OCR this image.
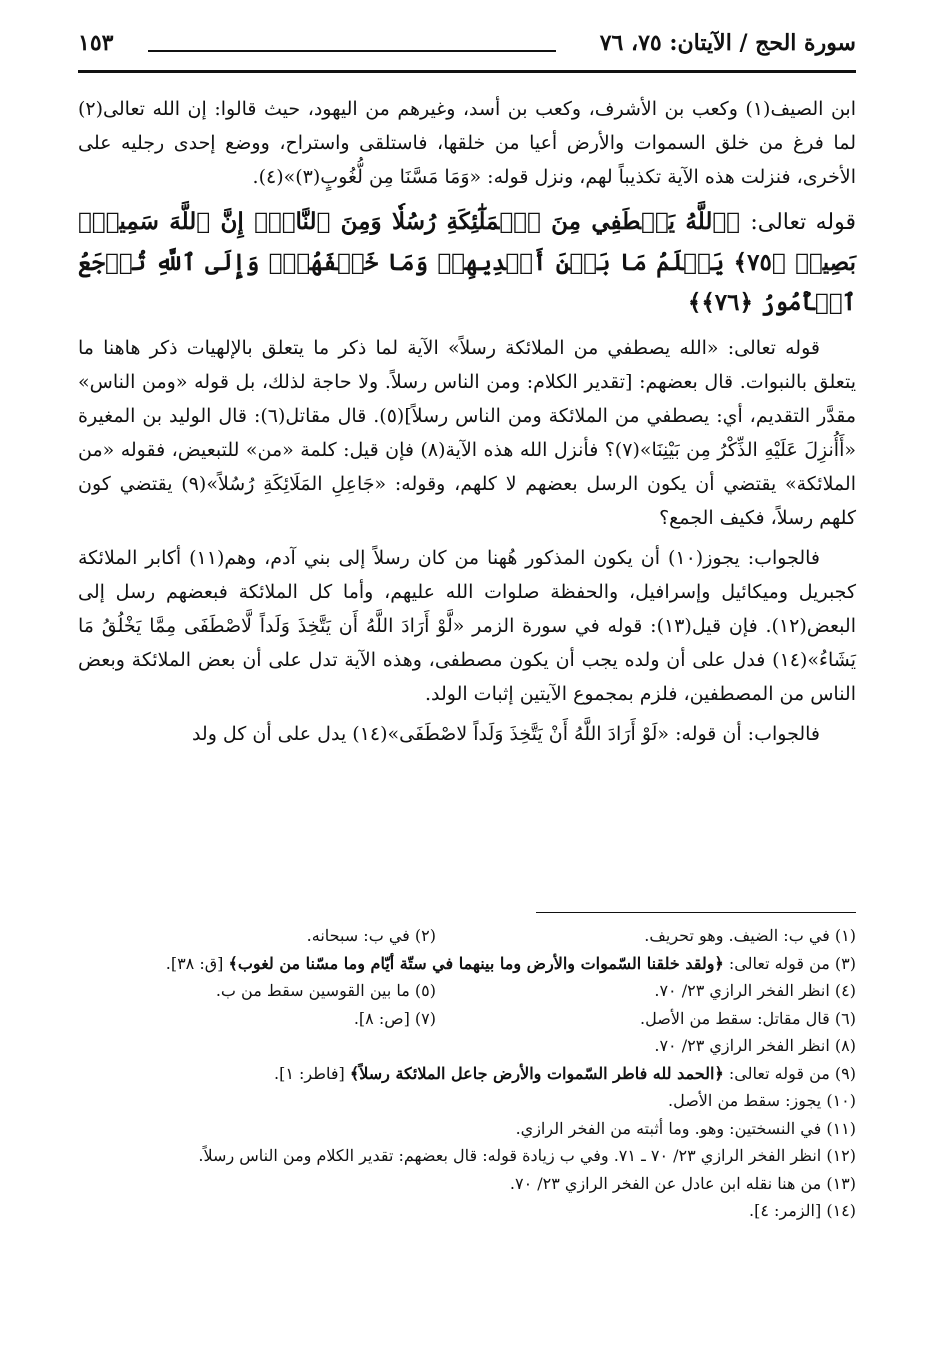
سورة الحج / الآيتان: ٧٥، ٧٦
١٥٣

ابن الصيف(١) وكعب بن الأشرف، وكعب بن أسد، وغيرهم من اليهود، حيث قالوا: إن الله تعالى(٢) لما فرغ من خلق السموات والأرض أعيا من خلقها، فاستلقى واستراح، ووضع إحدى رجليه على الأخرى، فنزلت هذه الآية تكذيباً لهم، ونزل قوله: «وَمَا مَسَّنَا مِن لُّغُوبٍ(٣)»(٤).

قوله تعالى: ﴿ٱللَّهُ يَصۡطَفِي مِنَ ٱلۡمَلَٰٓئِكَةِ رُسُلٗا وَمِنَ ٱلنَّاسِۚ إِنَّ ٱللَّهَ سَمِيعُۢ بَصِيرٞ ﴿٧٥﴾ يَعۡلَمُ مَا بَيۡنَ أَيۡدِيهِمۡ وَمَا خَلۡفَهُمۡۗ وَإِلَى ٱللَّهِ تُرۡجَعُ ٱلۡأُمُورُ ﴿٧٦﴾﴾

قوله تعالى: «الله يصطفي من الملائكة رسلاً» الآية لما ذكر ما يتعلق بالإلهيات ذكر هاهنا ما يتعلق بالنبوات. قال بعضهم: [تقدير الكلام: ومن الناس رسلاً. ولا حاجة لذلك، بل قوله «ومن الناس» مقدَّر التقديم، أي: يصطفي من الملائكة ومن الناس رسلاً](٥). قال مقاتل(٦): قال الوليد بن المغيرة «أَأُنزِلَ عَلَيْهِ الذِّكْرُ مِن بَيْنِنَا»(٧)؟ فأنزل الله هذه الآية(٨) فإن قيل: كلمة «من» للتبعيض، فقوله «من الملائكة» يقتضي أن يكون الرسل بعضهم لا كلهم، وقوله: «جَاعِلِ المَلَائِكَةِ رُسُلاً»(٩) يقتضي كون كلهم رسلاً، فكيف الجمع؟

فالجواب: يجوز(١٠) أن يكون المذكور هُهنا من كان رسلاً إلى بني آدم، وهم(١١) أكابر الملائكة كجبريل وميكائيل وإسرافيل، والحفظة صلوات الله عليهم، وأما كل الملائكة فبعضهم رسل إلى البعض(١٢). فإن قيل(١٣): قوله في سورة الزمر «لَّوْ أَرَادَ اللَّهُ أَن يَتَّخِذَ وَلَداً لَّاصْطَفَى مِمَّا يَخْلُقُ مَا يَشَاءُ»(١٤) فدل على أن ولده يجب أن يكون مصطفى، وهذه الآية تدل على أن بعض الملائكة وبعض الناس من المصطفين، فلزم بمجموع الآيتين إثبات الولد.

فالجواب: أن قوله: «لَوْ أَرَادَ اللَّهُ أَنْ يَتَّخِذَ وَلَداً لاصْطَفَى»(١٤) يدل على أن كل ولد

(١) في ب: الضيف. وهو تحريف.
(٢) في ب: سبحانه.
(٣) من قوله تعالى: ﴿ولقد خلقنا السّموات والأرض وما بينهما في ستّة أيّام وما مسّنا من لغوب﴾ [ق: ٣٨].
(٤) انظر الفخر الرازي ٢٣/ ٧٠.
(٥) ما بين القوسين سقط من ب.
(٦) قال مقاتل: سقط من الأصل.
(٧) [ص: ٨].
(٨) انظر الفخر الرازي ٢٣/ ٧٠.
(٩) من قوله تعالى: ﴿الحمد لله فاطر السّموات والأرض جاعل الملائكة رسلاً﴾ [فاطر: ١].
(١٠) يجوز: سقط من الأصل.
(١١) في النسختين: وهو. وما أثبته من الفخر الرازي.
(١٢) انظر الفخر الرازي ٢٣/ ٧٠ ـ ٧١. وفي ب زيادة قوله: قال بعضهم: تقدير الكلام ومن الناس رسلاً.
(١٣) من هنا نقله ابن عادل عن الفخر الرازي ٢٣/ ٧٠.
(١٤) [الزمر: ٤].
